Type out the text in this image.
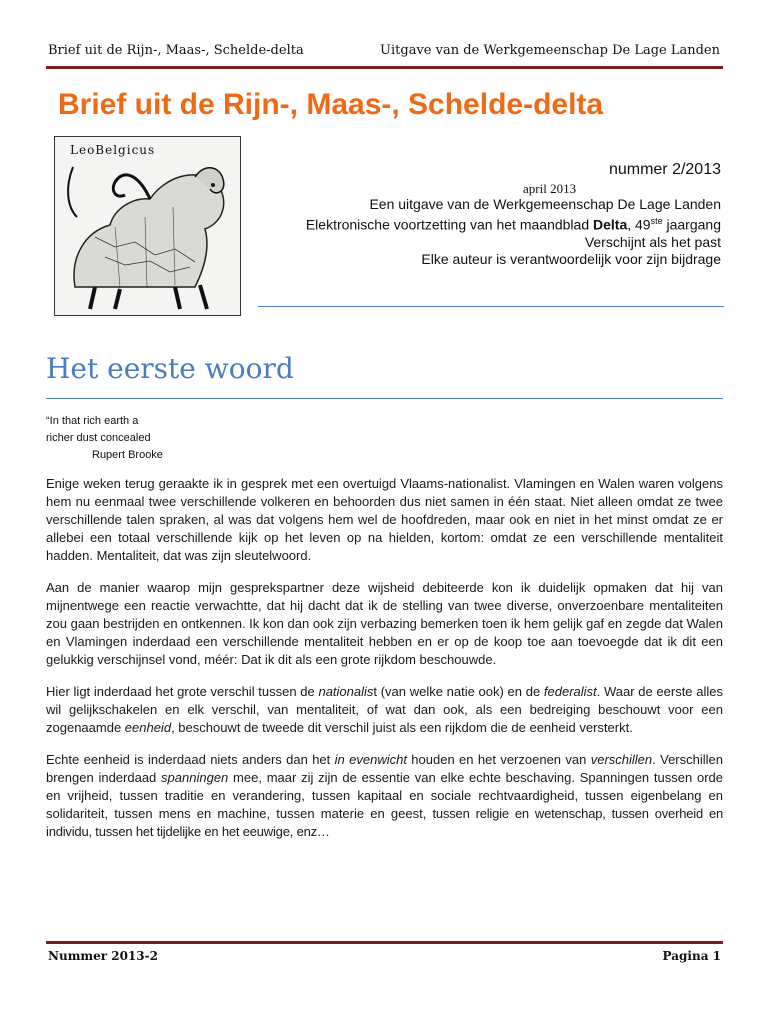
Brief uit de Rijn-, Maas-, Schelde-delta	Uitgave van de Werkgemeenschap De Lage Landen
Brief uit de Rijn-, Maas-, Schelde-delta
LeoBelgicus
nummer 2/2013
april 2013
Een uitgave van de Werkgemeenschap De Lage Landen
Elektronische voortzetting van het maandblad Delta, 49ste jaargang
Verschijnt als het past
Elke auteur is verantwoordelijk voor zijn bijdrage
Het eerste woord
“In that rich earth a
richer dust concealed
Rupert Brooke

Enige weken terug geraakte ik in gesprek met een overtuigd Vlaams-nationalist. Vlamingen en Walen waren volgens hem nu eenmaal twee verschillende volkeren en behoorden dus niet samen in één staat. Niet alleen omdat ze twee verschillende talen spraken, al was dat volgens hem wel de hoofdreden, maar ook en niet in het minst omdat ze er allebei een totaal verschillende kijk op het leven op na hielden, kortom: omdat ze een verschillende mentaliteit hadden. Mentaliteit, dat was zijn sleutelwoord.

Aan de manier waarop mijn gesprekspartner deze wijsheid debiteerde kon ik duidelijk opmaken dat hij van mijnentwege een reactie verwachtte, dat hij dacht dat ik de stelling van twee diverse, onverzoenbare mentaliteiten zou gaan bestrijden en ontkennen. Ik kon dan ook zijn verbazing bemerken toen ik hem gelijk gaf en zegde dat Walen en Vlamingen inderdaad een verschillende mentaliteit hebben en er op de koop toe aan toevoegde dat ik dit een gelukkig verschijnsel vond, méér: Dat ik dit als een grote rijkdom beschouwde.

Hier ligt inderdaad het grote verschil tussen de nationalist (van welke natie ook) en de federalist. Waar de eerste alles wil gelijkschakelen en elk verschil, van mentaliteit, of wat dan ook, als een bedreiging beschouwt voor een zogenaamde eenheid, beschouwt de tweede dit verschil juist als een rijkdom die de eenheid versterkt.

Echte eenheid is inderdaad niets anders dan het in evenwicht houden en het verzoenen van verschillen. Verschillen brengen inderdaad spanningen mee, maar zij zijn de essentie van elke echte beschaving. Spanningen tussen orde en vrijheid, tussen traditie en verandering, tussen kapitaal en sociale rechtvaardigheid, tussen eigenbelang en solidariteit, tussen mens en machine, tussen materie en geest, tussen religie en wetenschap, tussen overheid en individu, tussen het tijdelijke en het eeuwige, enz…

Nummer 2013-2	Pagina 1
